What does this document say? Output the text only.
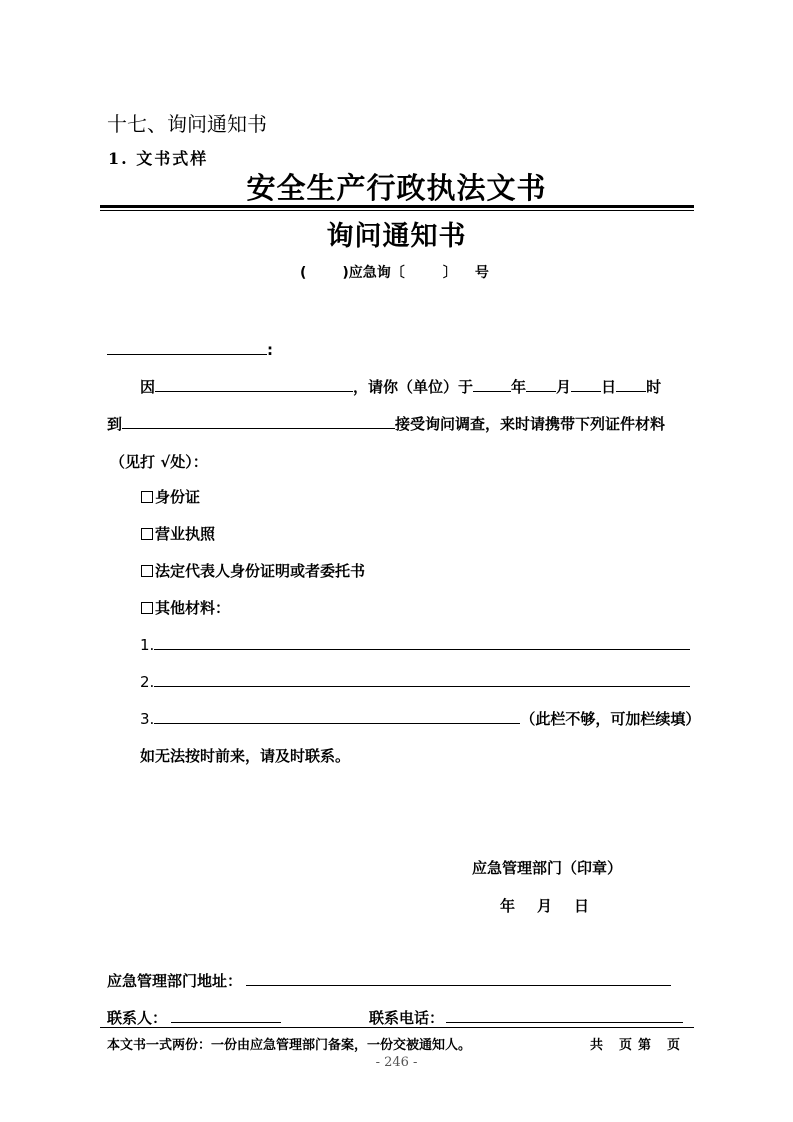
十七、询问通知书
1. 文书式样
安全生产行政执法文书
询问通知书
(	)应急询〔	〕 号
:
因	，请你（单位）于	年 月 日 时
到	接受询问调查，来时请携带下列证件材料
（见打 √处）：
身份证
营业执照
法定代表人身份证明或者委托书
其他材料：
1.
2.
3.	（此栏不够，可加栏续填）
如无法按时前来，请及时联系。
应急管理部门（印章）
年 月 日
应急管理部门地址：
联系人：	联系电话：
本文书一式两份：一份由应急管理部门备案，一份交被通知人。	共 页 第 页
- 246 -
